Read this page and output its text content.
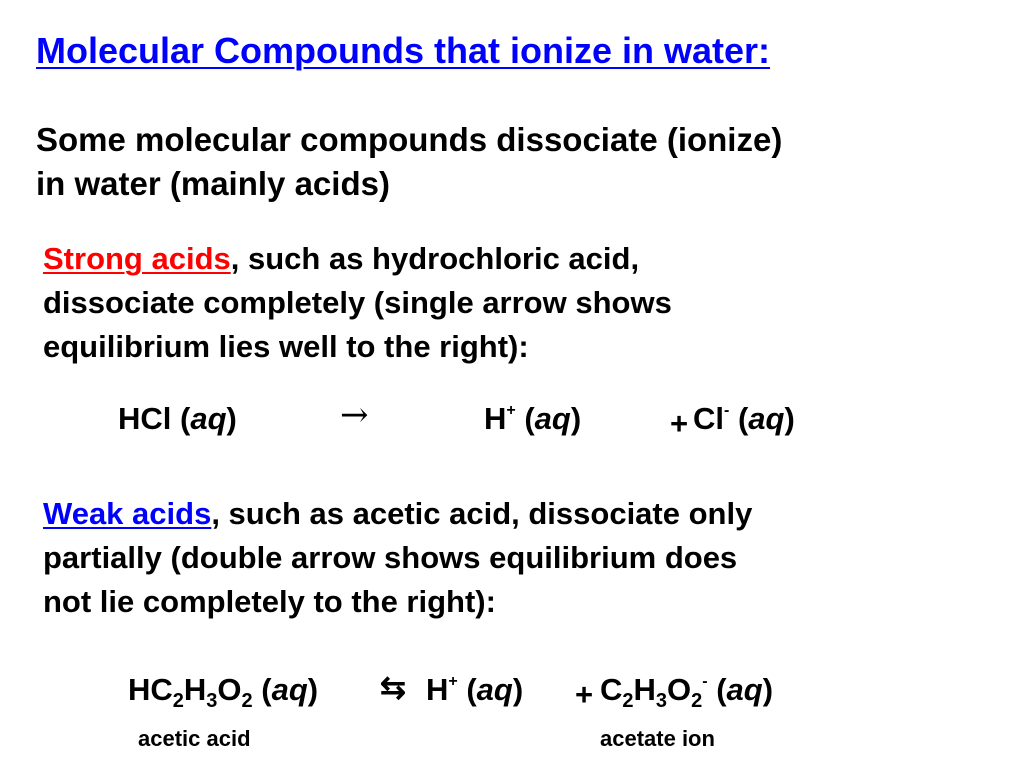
Molecular Compounds that ionize in water:
Some molecular compounds dissociate (ionize)
in water (mainly acids)
Strong acids, such as hydrochloric acid,
dissociate completely (single arrow shows
equilibrium lies well to the right):
HCl (aq)	→	H+ (aq)	+ Cl- (aq)
Weak acids, such as acetic acid, dissociate only
partially (double arrow shows equilibrium does
not lie completely to the right):
$HC_2H_3O_2$ (aq) ⇆ H+ $(aq) + C_2H_3O_2^-$ (aq)
acetic acid	acetate ion
